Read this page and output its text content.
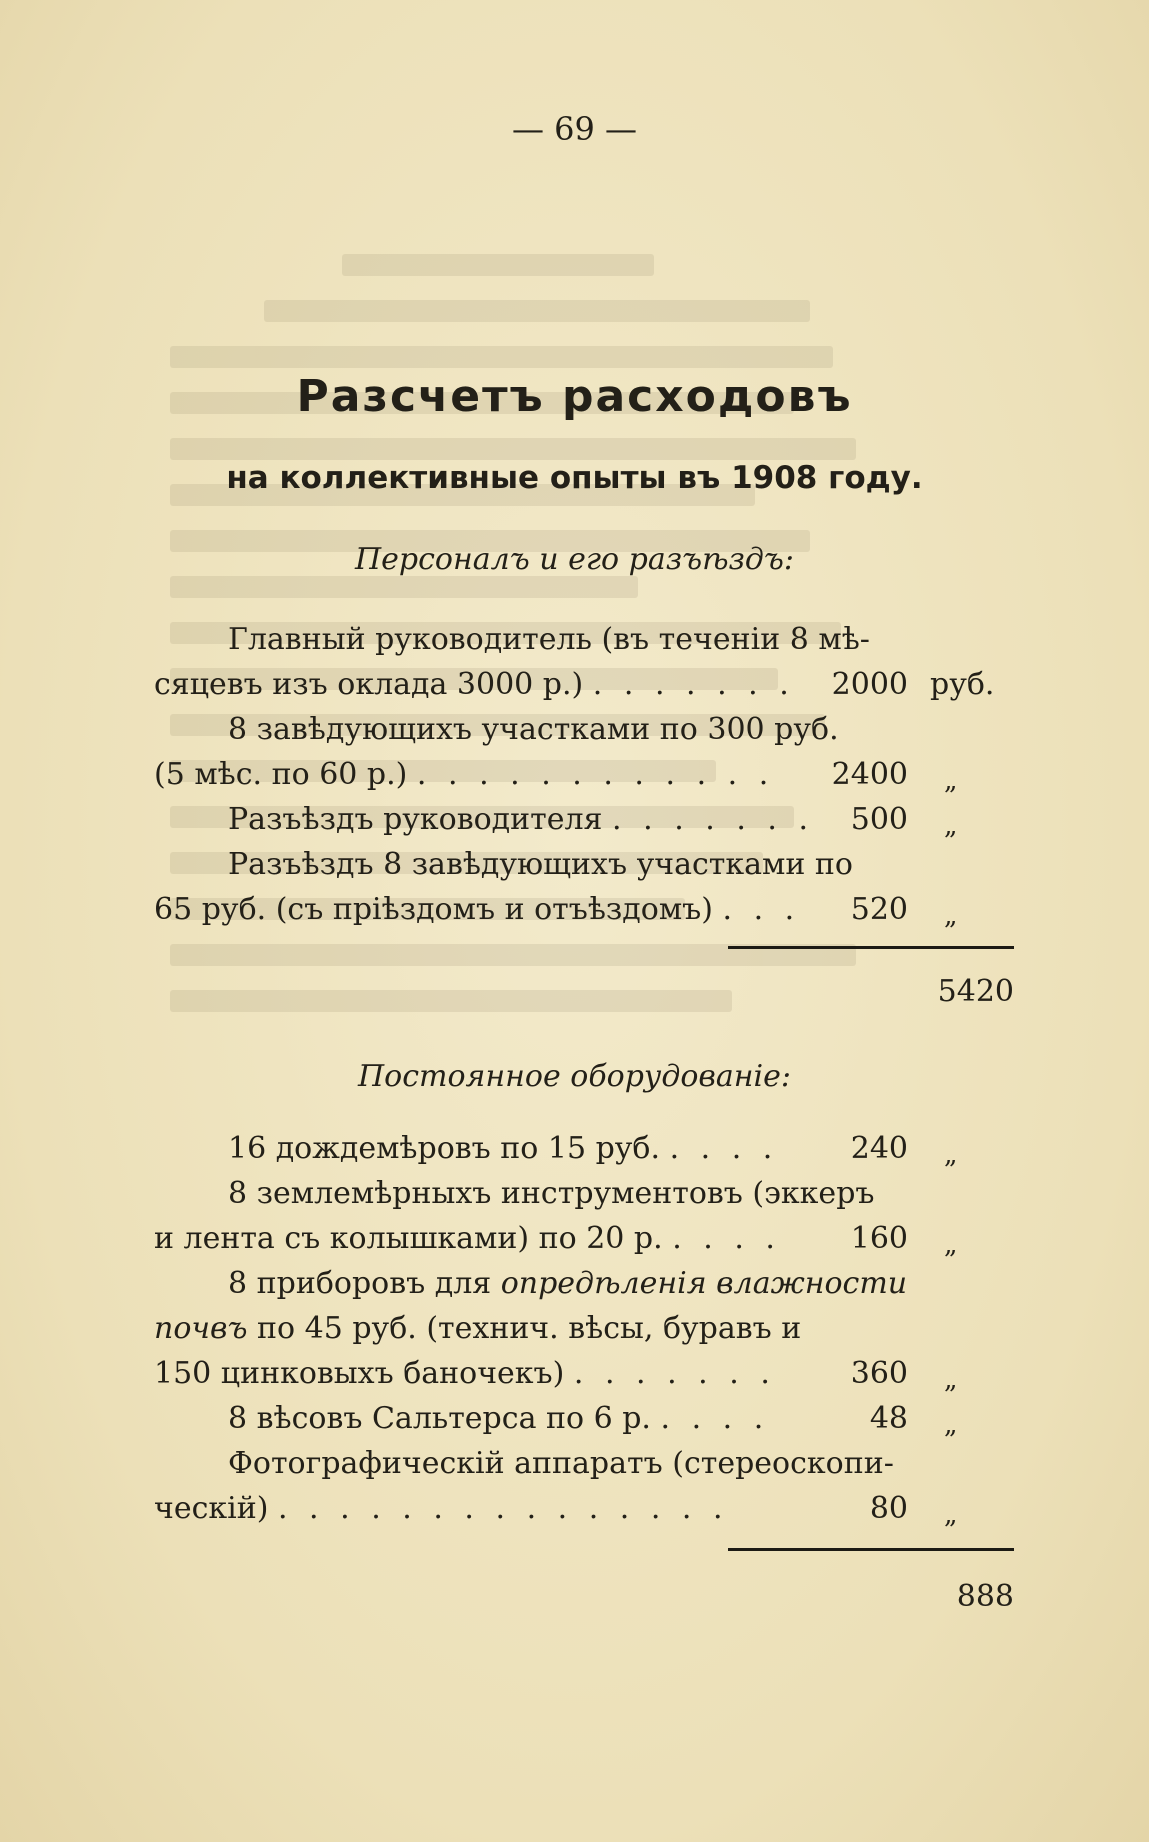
— 69 —
Разсчетъ расходовъ
на коллективные опыты въ 1908 году.
Персоналъ и его разъѣздъ:
Главный руководитель (въ теченіи 8 мѣ-
сяцевъ изъ оклада 3000 р.) . . . . . . . 2000 руб.
8 завѣдующихъ участками по 300 руб.
(5 мѣс. по 60 р.) . . . . . . . . . . . . 2400 „
Разъѣздъ руководителя . . . . . . . 500 „
Разъѣздъ 8 завѣдующихъ участками по
65 руб. (съ пріѣздомъ и отъѣздомъ) . . . 520 „
5420
Постоянное оборудованіе:
16 дождемѣровъ по 15 руб. . . . . 240 „
8 землемѣрныхъ инструментовъ (эккеръ
и лента съ колышками) по 20 р. . . . . 160 „
8 приборовъ для опредѣленія влажности
почвъ по 45 руб. (технич. вѣсы, буравъ и
150 цинковыхъ баночекъ) . . . . . . . 360 „
8 вѣсовъ Сальтерса по 6 р. . . . .	48 „
Фотографическій аппаратъ (стереоскопи-
ческій) . . . . . . . . . . . . . . .	80 „
888
